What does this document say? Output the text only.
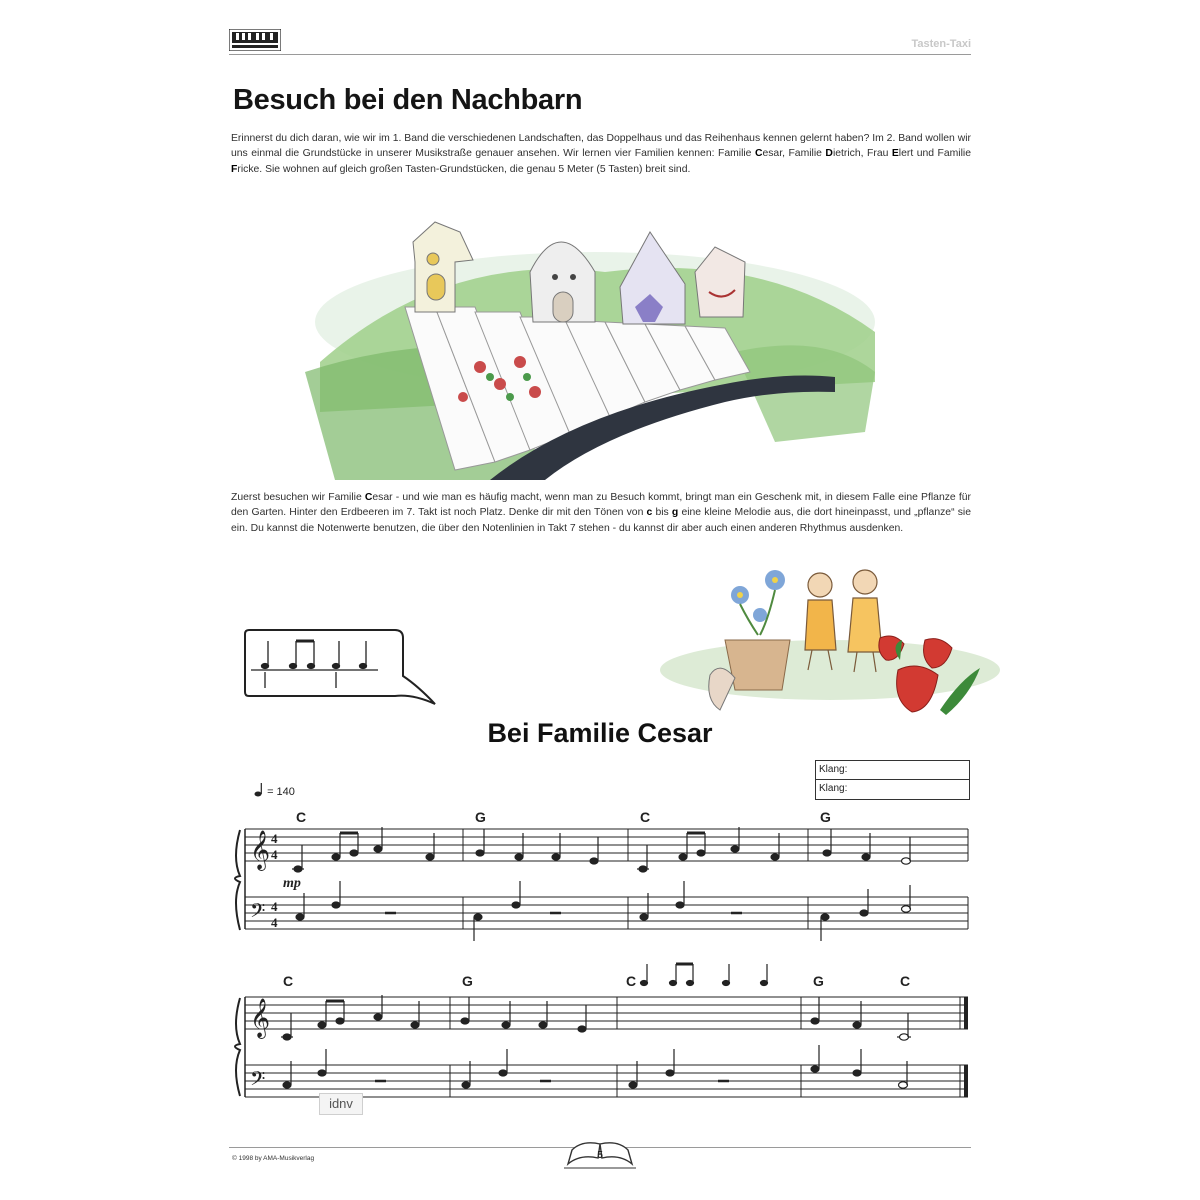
Tasten-Taxi
Besuch bei den Nachbarn

Erinnerst du dich daran, wie wir im 1. Band die verschiedenen Landschaften, das Doppelhaus und das Reihenhaus kennen gelernt haben? Im 2. Band wollen wir uns einmal die Grundstücke in unserer Musikstraße genauer ansehen. Wir lernen vier Familien kennen: Familie Cesar, Familie Dietrich, Frau Elert und Familie Fricke. Sie wohnen auf gleich großen Tasten-Grundstücken, die genau 5 Meter (5 Tasten) breit sind.

Zuerst besuchen wir Familie Cesar - und wie man es häufig macht, wenn man zu Besuch kommt, bringt man ein Geschenk mit, in diesem Falle eine Pflanze für den Garten. Hinter den Erdbeeren im 7. Takt ist noch Platz. Denke dir mit den Tönen von c bis g eine kleine Melodie aus, die dort hineinpasst, und „pflanze“ sie ein. Du kannst die Notenwerte benutzen, die über den Notenlinien in Takt 7 stehen - du kannst dir aber auch einen anderen Rhythmus ausdenken.

Bei Familie Cesar
Klang:
Klang:
= 140
𝄞
𝄢
4
4
4
4
mp
C	G	C	G
𝄞
𝄢
C	G	C	G	C
idnv
© 1998 by AMA-Musikverlag	5
